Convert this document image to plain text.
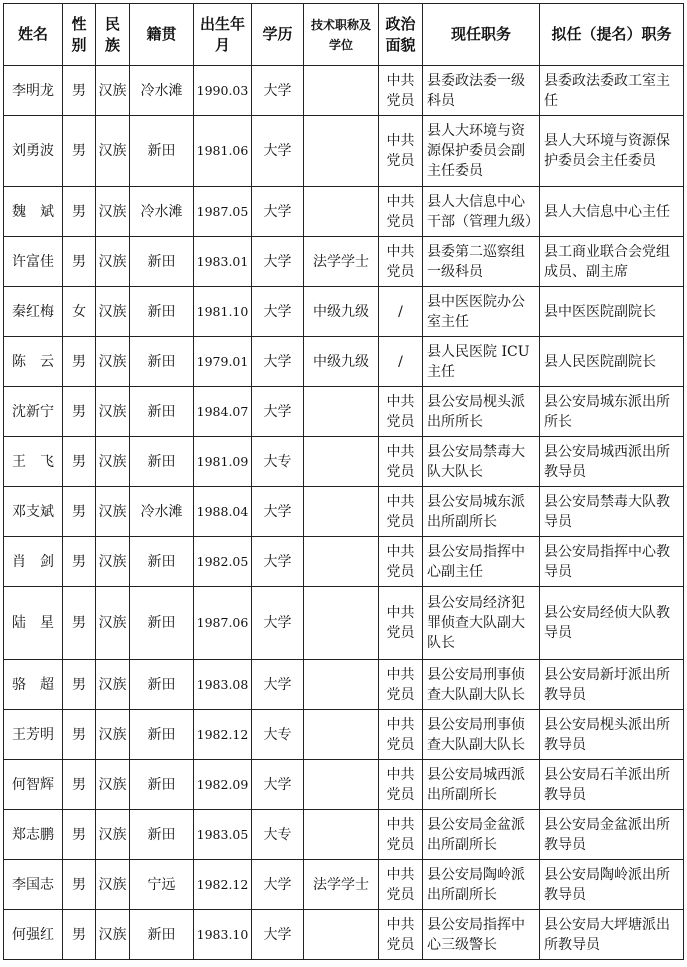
姓名	性别	民族	籍贯	出生年月	学历	技术职称及学位	政治面貌	现任职务	拟任（提名）职务
李明龙	男	汉族	冷水滩	1990.03	大学		中共党员	县委政法委一级科员	县委政法委政工室主任
刘勇波	男	汉族	新田	1981.06	大学		中共党员	县人大环境与资源保护委员会副主任委员	县人大环境与资源保护委员会主任委员
魏　斌	男	汉族	冷水滩	1987.05	大学		中共党员	县人大信息中心干部（管理九级）	县人大信息中心主任
许富佳	男	汉族	新田	1983.01	大学	法学学士	中共党员	县委第二巡察组一级科员	县工商业联合会党组成员、副主席
秦红梅	女	汉族	新田	1981.10	大学	中级九级	/	县中医医院办公室主任	县中医医院副院长
陈　云	男	汉族	新田	1979.01	大学	中级九级	/	县人民医院 ICU 主任	县人民医院副院长
沈新宁	男	汉族	新田	1984.07	大学		中共党员	县公安局枧头派出所所长	县公安局城东派出所所长
王　飞	男	汉族	新田	1981.09	大专		中共党员	县公安局禁毒大队大队长	县公安局城西派出所教导员
邓支斌	男	汉族	冷水滩	1988.04	大学		中共党员	县公安局城东派出所副所长	县公安局禁毒大队教导员
肖　剑	男	汉族	新田	1982.05	大学		中共党员	县公安局指挥中心副主任	县公安局指挥中心教导员
陆　星	男	汉族	新田	1987.06	大学		中共党员	县公安局经济犯罪侦查大队副大队长	县公安局经侦大队教导员
骆　超	男	汉族	新田	1983.08	大学		中共党员	县公安局刑事侦查大队副大队长	县公安局新圩派出所教导员
王芳明	男	汉族	新田	1982.12	大专		中共党员	县公安局刑事侦查大队副大队长	县公安局枧头派出所教导员
何智辉	男	汉族	新田	1982.09	大学		中共党员	县公安局城西派出所副所长	县公安局石羊派出所教导员
郑志鹏	男	汉族	新田	1983.05	大专		中共党员	县公安局金盆派出所副所长	县公安局金盆派出所教导员
李国志	男	汉族	宁远	1982.12	大学	法学学士	中共党员	县公安局陶岭派出所副所长	县公安局陶岭派出所教导员
何强红	男	汉族	新田	1983.10	大学		中共党员	县公安局指挥中心三级警长	县公安局大坪塘派出所教导员
